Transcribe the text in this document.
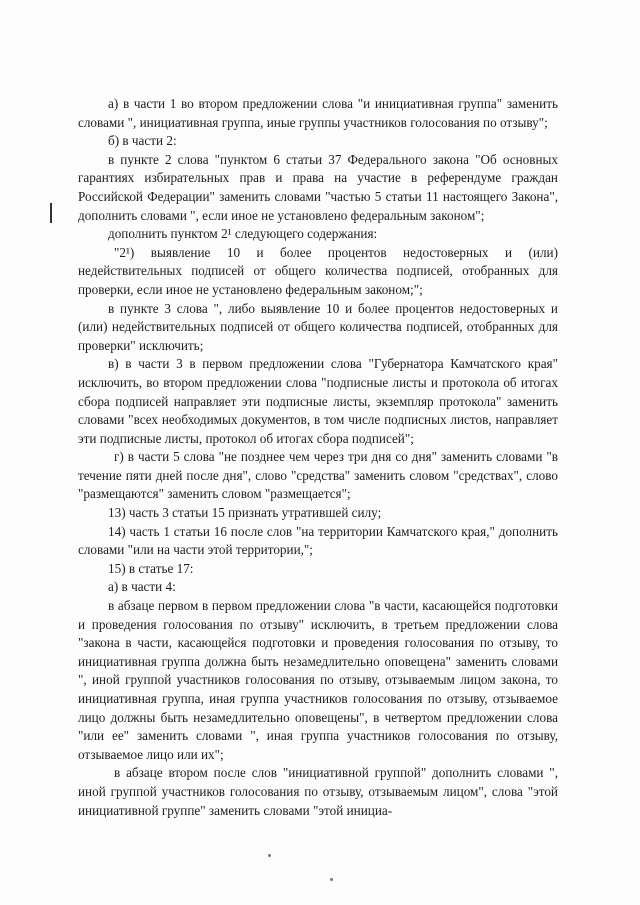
а) в части 1 во втором предложении слова "и инициативная группа" заменить словами ", инициативная группа, иные группы участников голосования по отзыву";

б) в части 2:

в пункте 2 слова "пунктом 6 статьи 37 Федерального закона "Об основных гарантиях избирательных прав и права на участие в референдуме граждан Российской Федерации" заменить словами "частью 5 статьи 11 настоящего Закона", дополнить словами ", если иное не установлено федеральным законом";

дополнить пунктом 2¹ следующего содержания:

"2¹) выявление 10 и более процентов недостоверных и (или) недействительных подписей от общего количества подписей, отобранных для проверки, если иное не установлено федеральным законом;";

в пункте 3 слова ", либо выявление 10 и более процентов недостоверных и (или) недействительных подписей от общего количества подписей, отобранных для проверки" исключить;

в) в части 3 в первом предложении слова "Губернатора Камчатского края" исключить, во втором предложении слова "подписные листы и протокола об итогах сбора подписей направляет эти подписные листы, экземпляр протокола" заменить словами "всех необходимых документов, в том числе подписных листов, направляет эти подписные листы, протокол об итогах сбора подписей";

г) в части 5 слова "не позднее чем через три дня со дня" заменить словами "в течение пяти дней после дня", слово "средства" заменить словом "средствах", слово "размещаются" заменить словом "размещается";

13) часть 3 статьи 15 признать утратившей силу;

14) часть 1 статьи 16 после слов "на территории Камчатского края," дополнить словами "или на части этой территории,";

15) в статье 17:

а) в части 4:

в абзаце первом в первом предложении слова "в части, касающейся подготовки и проведения голосования по отзыву" исключить, в третьем предложении слова "закона в части, касающейся подготовки и проведения голосования по отзыву, то инициативная группа должна быть незамедлительно оповещена" заменить словами ", иной группой участников голосования по отзыву, отзываемым лицом закона, то инициативная группа, иная группа участников голосования по отзыву, отзываемое лицо должны быть незамедлительно оповещены", в четвертом предложении слова "или ее" заменить словами ", иная группа участников голосования по отзыву, отзываемое лицо или их";

в абзаце втором после слов "инициативной группой" дополнить словами ", иной группой участников голосования по отзыву, отзываемым лицом", слова "этой инициативной группе" заменить словами "этой инициа-
